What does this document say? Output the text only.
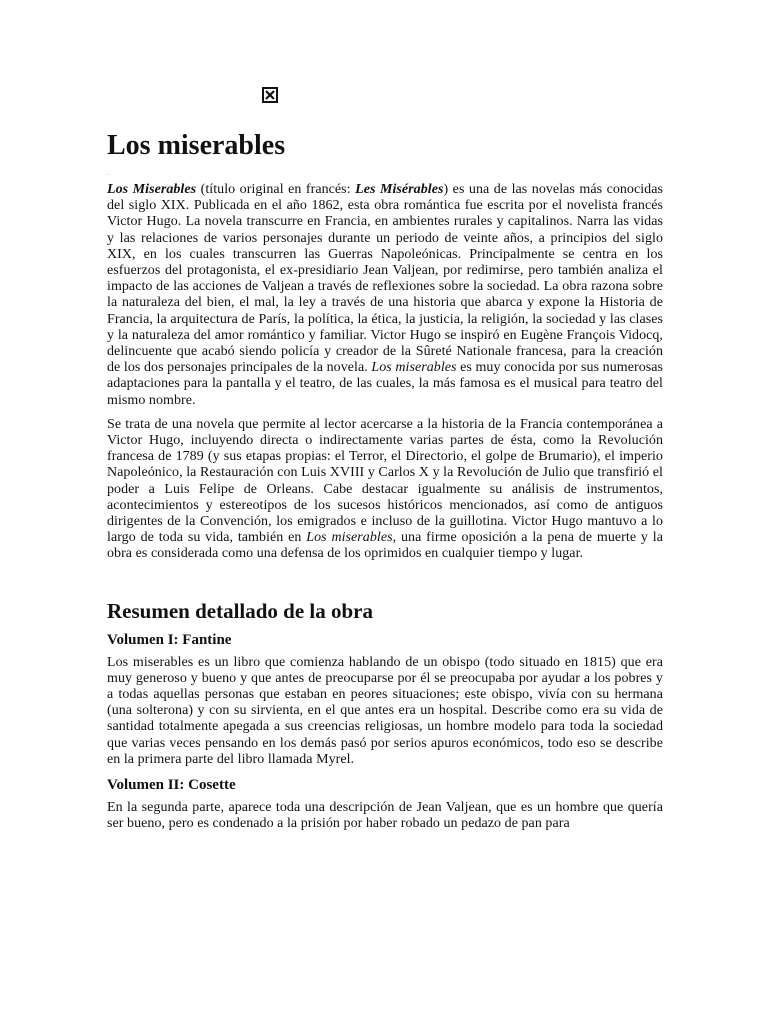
Los miserables
.

Los Miserables (título original en francés: Les Misérables) es una de las novelas más conocidas del siglo XIX. Publicada en el año 1862, esta obra romántica fue escrita por el novelista francés Victor Hugo. La novela transcurre en Francia, en ambientes rurales y capitalinos. Narra las vidas y las relaciones de varios personajes durante un periodo de veinte años, a principios del siglo XIX, en los cuales transcurren las Guerras Napoleónicas. Principalmente se centra en los esfuerzos del protagonista, el ex-presidiario Jean Valjean, por redimirse, pero también analiza el impacto de las acciones de Valjean a través de reflexiones sobre la sociedad. La obra razona sobre la naturaleza del bien, el mal, la ley a través de una historia que abarca y expone la Historia de Francia, la arquitectura de París, la política, la ética, la justicia, la religión, la sociedad y las clases y la naturaleza del amor romántico y familiar. Victor Hugo se inspiró en Eugène François Vidocq, delincuente que acabó siendo policía y creador de la Sûreté Nationale francesa, para la creación de los dos personajes principales de la novela. Los miserables es muy conocida por sus numerosas adaptaciones para la pantalla y el teatro, de las cuales, la más famosa es el musical para teatro del mismo nombre.

Se trata de una novela que permite al lector acercarse a la historia de la Francia contemporánea a Victor Hugo, incluyendo directa o indirectamente varias partes de ésta, como la Revolución francesa de 1789 (y sus etapas propias: el Terror, el Directorio, el golpe de Brumario), el imperio Napoleónico, la Restauración con Luis XVIII y Carlos X y la Revolución de Julio que transfirió el poder a Luis Felipe de Orleans. Cabe destacar igualmente su análisis de instrumentos, acontecimientos y estereotipos de los sucesos históricos mencionados, así como de antiguos dirigentes de la Convención, los emigrados e incluso de la guillotina. Victor Hugo mantuvo a lo largo de toda su vida, también en Los miserables, una firme oposición a la pena de muerte y la obra es considerada como una defensa de los oprimidos en cualquier tiempo y lugar.

Resumen detallado de la obra
Volumen I: Fantine

Los miserables es un libro que comienza hablando de un obispo (todo situado en 1815) que era muy generoso y bueno y que antes de preocuparse por él se preocupaba por ayudar a los pobres y a todas aquellas personas que estaban en peores situaciones; este obispo, vivía con su hermana (una solterona) y con su sirvienta, en el que antes era un hospital. Describe como era su vida de santidad totalmente apegada a sus creencias religiosas, un hombre modelo para toda la sociedad que varias veces pensando en los demás pasó por serios apuros económicos, todo eso se describe en la primera parte del libro llamada Myrel.

Volumen II: Cosette

En la segunda parte, aparece toda una descripción de Jean Valjean, que es un hombre que quería ser bueno, pero es condenado a la prisión por haber robado un pedazo de pan para
